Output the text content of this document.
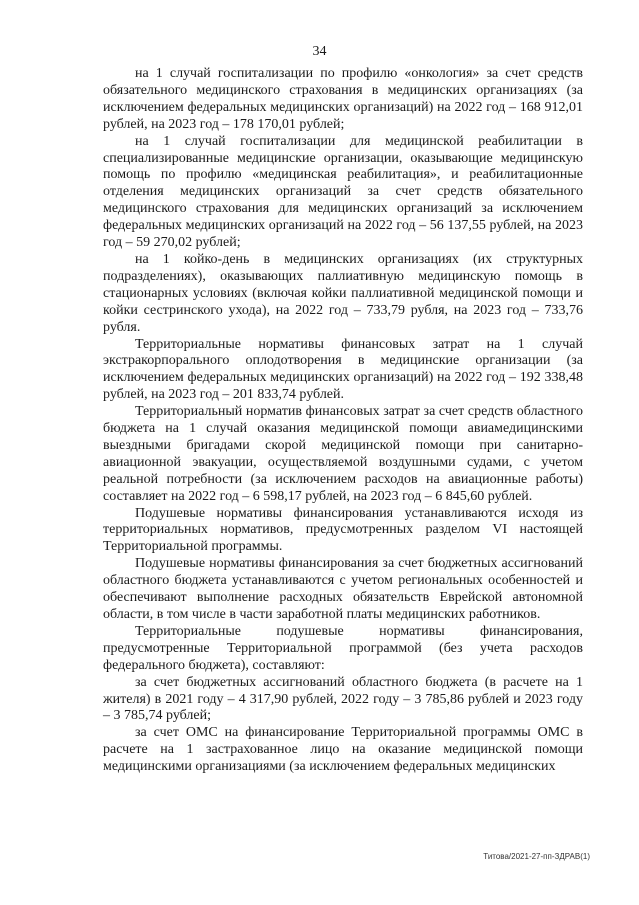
34

на 1 случай госпитализации по профилю «онкология» за счет средств обязательного медицинского страхования в медицинских организациях (за исключением федеральных медицинских организаций) на 2022 год – 168 912,01 рублей, на 2023 год – 178 170,01 рублей;

на 1 случай госпитализации для медицинской реабилитации в специализированные медицинские организации, оказывающие медицинскую помощь по профилю «медицинская реабилитация», и реабилитационные отделения медицинских организаций за счет средств обязательного медицинского страхования для медицинских организаций за исключением федеральных медицинских организаций на 2022 год – 56 137,55 рублей, на 2023 год – 59 270,02 рублей;

на 1 койко-день в медицинских организациях (их структурных подразделениях), оказывающих паллиативную медицинскую помощь в стационарных условиях (включая койки паллиативной медицинской помощи и койки сестринского ухода), на 2022 год – 733,79 рубля, на 2023 год – 733,76 рубля.

Территориальные нормативы финансовых затрат на 1 случай экстракорпорального оплодотворения в медицинские организации (за исключением федеральных медицинских организаций) на 2022 год – 192 338,48 рублей, на 2023 год – 201 833,74 рублей.

Территориальный норматив финансовых затрат за счет средств областного бюджета на 1 случай оказания медицинской помощи авиамедицинскими выездными бригадами скорой медицинской помощи при санитарно-авиационной эвакуации, осуществляемой воздушными судами, с учетом реальной потребности (за исключением расходов на авиационные работы) составляет на 2022 год – 6 598,17 рублей, на 2023 год – 6 845,60 рублей.

Подушевые нормативы финансирования устанавливаются исходя из территориальных нормативов, предусмотренных разделом VI настоящей Территориальной программы.

Подушевые нормативы финансирования за счет бюджетных ассигнований областного бюджета устанавливаются с учетом региональных особенностей и обеспечивают выполнение расходных обязательств Еврейской автономной области, в том числе в части заработной платы медицинских работников.

Территориальные подушевые нормативы финансирования, предусмотренные Территориальной программой (без учета расходов федерального бюджета), составляют:

за счет бюджетных ассигнований областного бюджета (в расчете на 1 жителя) в 2021 году – 4 317,90 рублей, 2022 году – 3 785,86 рублей и 2023 году – 3 785,74 рублей;

за счет ОМС на финансирование Территориальной программы ОМС в расчете на 1 застрахованное лицо на оказание медицинской помощи медицинскими организациями (за исключением федеральных медицинских

Титова/2021-27-пп-ЗДРАВ(1)
